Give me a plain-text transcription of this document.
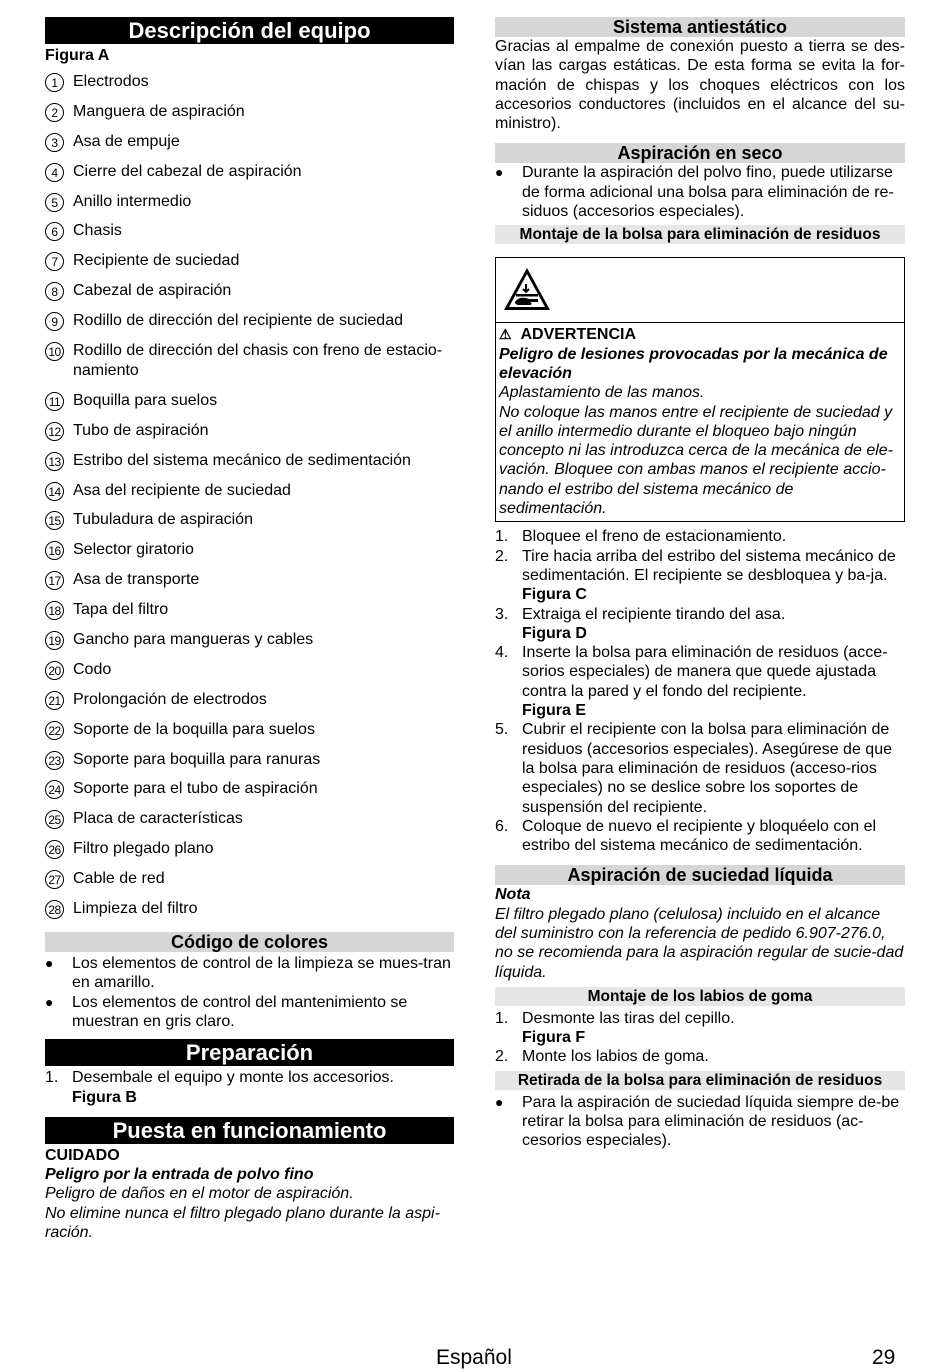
Descripción del equipo

Figura A

1 Electrodos
2 Manguera de aspiración
3 Asa de empuje
4 Cierre del cabezal de aspiración
5 Anillo intermedio
6 Chasis
7 Recipiente de suciedad
8 Cabezal de aspiración
9 Rodillo de dirección del recipiente de suciedad
10 Rodillo de dirección del chasis con freno de estacio-namiento
11 Boquilla para suelos
12 Tubo de aspiración
13 Estribo del sistema mecánico de sedimentación
14 Asa del recipiente de suciedad
15 Tubuladura de aspiración
16 Selector giratorio
17 Asa de transporte
18 Tapa del filtro
19 Gancho para mangueras y cables
20 Codo
21 Prolongación de electrodos
22 Soporte de la boquilla para suelos
23 Soporte para boquilla para ranuras
24 Soporte para el tubo de aspiración
25 Placa de características
26 Filtro plegado plano
27 Cable de red
28 Limpieza del filtro
Código de colores
●	Los elementos de control de la limpieza se mues-tran en amarillo.
●	Los elementos de control del mantenimiento se muestran en gris claro.
Preparación
1. Desembale el equipo y monte los accesorios.
Figura B
Puesta en funcionamiento

CUIDADO

Peligro por la entrada de polvo fino

Peligro de daños en el motor de aspiración.

No elimine nunca el filtro plegado plano durante la aspi-ración.

Sistema antiestático

Gracias al empalme de conexión puesto a tierra se des-vían las cargas estáticas. De esta forma se evita la for-mación de chispas y los choques eléctricos con los accesorios conductores (incluidos en el alcance del su-ministro).

Aspiración en seco
●	Durante la aspiración del polvo fino, puede utilizarse de forma adicional una bolsa para eliminación de re-siduos (accesorios especiales).
Montaje de la bolsa para eliminación de residuos

⚠ ADVERTENCIA

Peligro de lesiones provocadas por la mecánica de elevación

Aplastamiento de las manos.

No coloque las manos entre el recipiente de suciedad y el anillo intermedio durante el bloqueo bajo ningún concepto ni las introduzca cerca de la mecánica de ele-vación. Bloquee con ambas manos el recipiente accio-nando el estribo del sistema mecánico de sedimentación.

1. Bloquee el freno de estacionamiento.
2. Tire hacia arriba del estribo del sistema mecánico de sedimentación. El recipiente se desbloquea y ba-ja.
Figura C
3. Extraiga el recipiente tirando del asa.
Figura D
4. Inserte la bolsa para eliminación de residuos (acce-sorios especiales) de manera que quede ajustada contra la pared y el fondo del recipiente.
Figura E
5. Cubrir el recipiente con la bolsa para eliminación de residuos (accesorios especiales). Asegúrese de que la bolsa para eliminación de residuos (acceso-rios especiales) no se deslice sobre los soportes de suspensión del recipiente.
6. Coloque de nuevo el recipiente y bloquéelo con el estribo del sistema mecánico de sedimentación.
Aspiración de suciedad líquida

Nota

El filtro plegado plano (celulosa) incluido en el alcance del suministro con la referencia de pedido 6.907-276.0, no se recomienda para la aspiración regular de sucie-dad líquida.

Montaje de los labios de goma
1. Desmonte las tiras del cepillo.
Figura F
2. Monte los labios de goma.
Retirada de la bolsa para eliminación de residuos
●	Para la aspiración de suciedad líquida siempre de-be retirar la bolsa para eliminación de residuos (ac-cesorios especiales).
Español	29
